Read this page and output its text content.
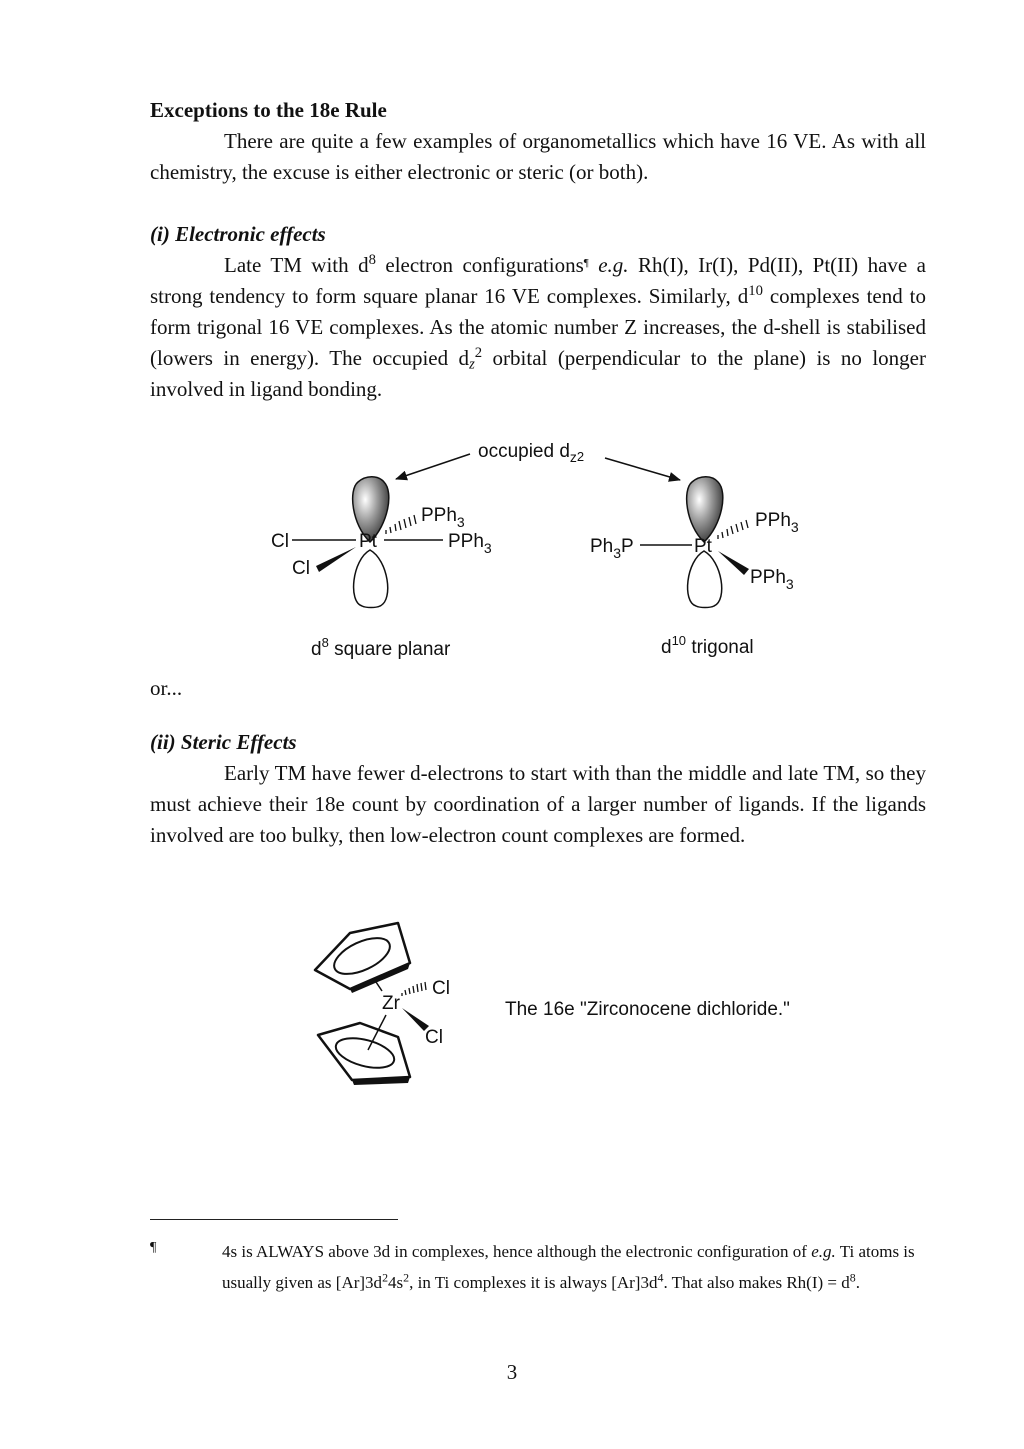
Exceptions to the 18e Rule
There are quite a few examples of organometallics which have 16 VE. As with all chemistry, the excuse is either electronic or steric (or both).
(i) Electronic effects
Late TM with $d^8$ electron configurations¶ e.g. Rh(I), Ir(I), Pd(II), Pt(II) have a strong tendency to form square planar 16 VE complexes. Similarly, $d^{10}$ complexes tend to form trigonal 16 VE complexes. As the atomic number Z increases, the d-shell is stabilised (lowers in energy). The occupied $d_z^2$ orbital (perpendicular to the plane) is no longer involved in ligand bonding.
occupied $d_z2$
Pt
Cl
Cl
PPh$_3$
PPh$_3$	Pt
$Ph_3P$
PPh$_3$
PPh$_3$
$d^8$ square planar	$d^{10}$ trigonal
or...
(ii) Steric Effects
Early TM have fewer d-electrons to start with than the middle and late TM, so they must achieve their 18e count by coordination of a larger number of ligands. If the ligands involved are too bulky, then low-electron count complexes are formed.
Zr
Cl
Cl
The 16e "Zirconocene dichloride."
¶	4s is ALWAYS above 3d in complexes, hence although the electronic configuration of e.g. Ti atoms is usually given as $[Ar]3d^24s^2$, in Ti complexes it is always $[Ar]3d^4$. That also makes $Rh(I) = d^8$.
3
